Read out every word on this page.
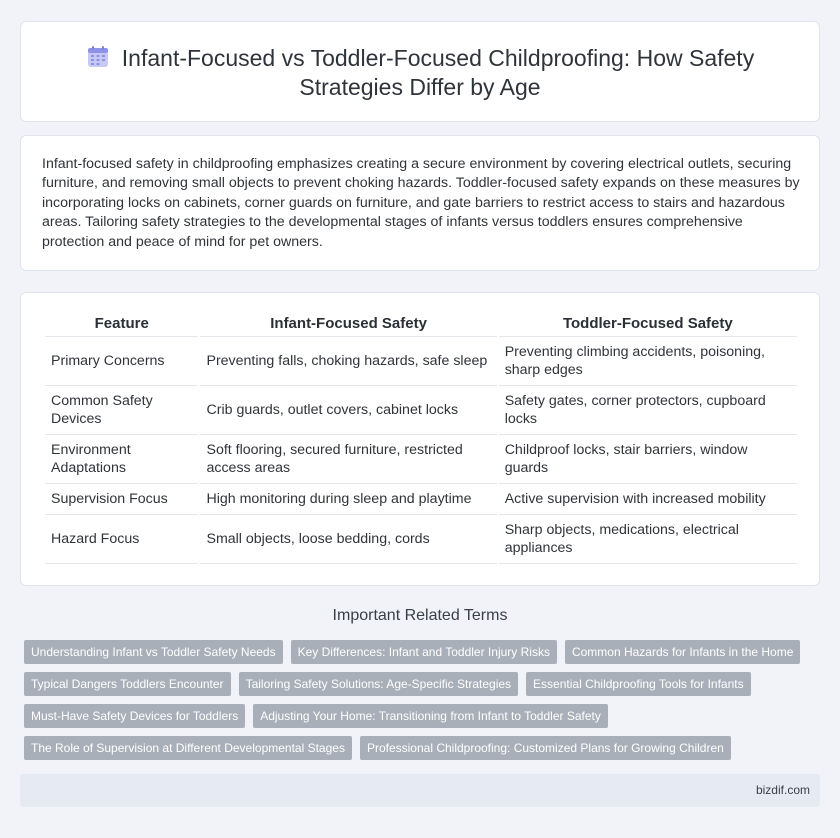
Infant-Focused vs Toddler-Focused Childproofing: How Safety Strategies Differ by Age

Infant-focused safety in childproofing emphasizes creating a secure environment by covering electrical outlets, securing furniture, and removing small objects to prevent choking hazards. Toddler-focused safety expands on these measures by incorporating locks on cabinets, corner guards on furniture, and gate barriers to restrict access to stairs and hazardous areas. Tailoring safety strategies to the developmental stages of infants versus toddlers ensures comprehensive protection and peace of mind for pet owners.

Feature	Infant-Focused Safety	Toddler-Focused Safety
Primary Concerns	Preventing falls, choking hazards, safe sleep	Preventing climbing accidents, poisoning, sharp edges
Common Safety Devices	Crib guards, outlet covers, cabinet locks	Safety gates, corner protectors, cupboard locks
Environment Adaptations	Soft flooring, secured furniture, restricted access areas	Childproof locks, stair barriers, window guards
Supervision Focus	High monitoring during sleep and playtime	Active supervision with increased mobility
Hazard Focus	Small objects, loose bedding, cords	Sharp objects, medications, electrical appliances
Important Related Terms
Understanding Infant vs Toddler Safety Needs	Key Differences: Infant and Toddler Injury Risks	Common Hazards for Infants in the Home
Typical Dangers Toddlers Encounter	Tailoring Safety Solutions: Age-Specific Strategies	Essential Childproofing Tools for Infants
Must-Have Safety Devices for Toddlers	Adjusting Your Home: Transitioning from Infant to Toddler Safety
The Role of Supervision at Different Developmental Stages	Professional Childproofing: Customized Plans for Growing Children
bizdif.com
